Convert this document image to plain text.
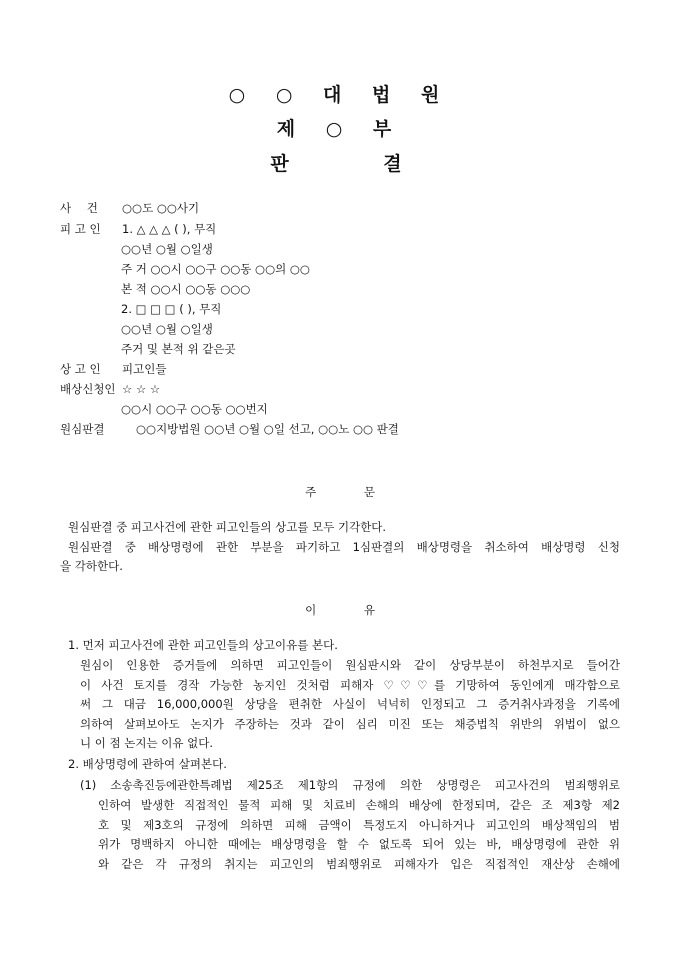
○ ○ 대 법 원
제 ○ 부
판 결
사 건 ○○도 ○○사기
피 고 인 1. △ △ △ ( ), 무직
○○년 ○월 ○일생
주 거 ○○시 ○○구 ○○동 ○○의 ○○
본 적 ○○시 ○○동 ○○○
2. □ □ □ ( ), 무직
○○년 ○월 ○일생
주거 및 본적 위 같은곳
상 고 인 피고인들
배상신청인 ☆ ☆ ☆
○○시 ○○구 ○○동 ○○번지
원심판결	○○지방법원 ○○년 ○월 ○일 선고, ○○노 ○○ 판결
주 문
원심판결 중 피고사건에 관한 피고인들의 상고를 모두 기각한다.
원심판결 중 배상명령에 관한 부분을 파기하고 1심판결의 배상명령을 취소하여 배상명령 신청
을 각하한다.
이 유
1. 먼저 피고사건에 관한 피고인들의 상고이유를 본다.
원심이 인용한 증거들에 의하면 피고인들이 원심판시와 같이 상당부분이 하천부지로 들어간
이 사건 토지를 경작 가능한 농지인 것처럼 피해자 ♡♡♡를 기망하여 동인에게 매각함으로
써 그 대금 16,000,000원 상당을 편취한 사실이 넉넉히 인정되고 그 증거취사과정을 기록에
의하여 살펴보아도 논지가 주장하는 것과 같이 심리 미진 또는 채증법칙 위반의 위법이 없으
니 이 점 논지는 이유 없다.
2. 배상명령에 관하여 살펴본다.
(1) 소송촉진등에관한특례법 제25조 제1항의 규정에 의한 상명령은 피고사건의 범죄행위로
인하여 발생한 직접적인 물적 피해 및 치료비 손해의 배상에 한정되며, 같은 조 제3항 제2
호 및 제3호의 규정에 의하면 피해 금액이 특정도지 아니하거나 피고인의 배상책임의 범
위가 명백하지 아니한 때에는 배상명령을 할 수 없도록 되어 있는 바, 배상명령에 관한 위
와 같은 각 규정의 취지는 피고인의 범죄행위로 피해자가 입은 직접적인 재산상 손해에
